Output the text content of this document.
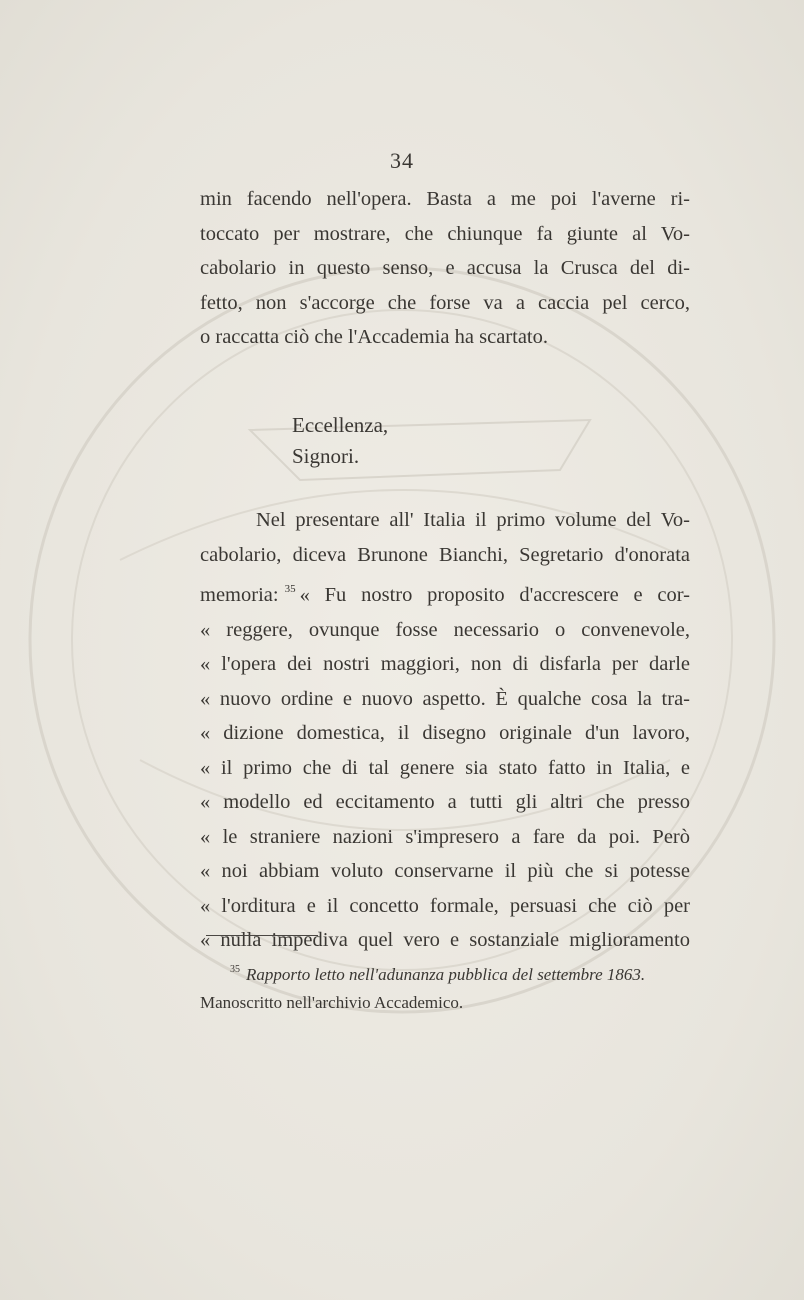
34
min facendo nell'opera. Basta a me poi l'averne ri-
toccato per mostrare, che chiunque fa giunte al Vo-
cabolario in questo senso, e accusa la Crusca del di-
fetto, non s'accorge che forse va a caccia pel cerco,
o raccatta ciò che l'Accademia ha scartato.
Eccellenza,
Signori.
Nel presentare all' Italia il primo volume del Vo-
cabolario, diceva Brunone Bianchi, Segretario d'onorata
memoria: $^{35}$ « Fu nostro proposito d'accrescere e cor-
« reggere, ovunque fosse necessario o convenevole,
« l'opera dei nostri maggiori, non di disfarla per darle
« nuovo ordine e nuovo aspetto. È qualche cosa la tra-
« dizione domestica, il disegno originale d'un lavoro,
« il primo che di tal genere sia stato fatto in Italia, e
« modello ed eccitamento a tutti gli altri che presso
« le straniere nazioni s'impresero a fare da poi. Però
« noi abbiam voluto conservarne il più che si potesse
« l'orditura e il concetto formale, persuasi che ciò per
« nulla impediva quel vero e sostanziale miglioramento
$^{35}$ Rapporto letto nell'adunanza pubblica del settembre 1863.
Manoscritto nell'archivio Accademico.
